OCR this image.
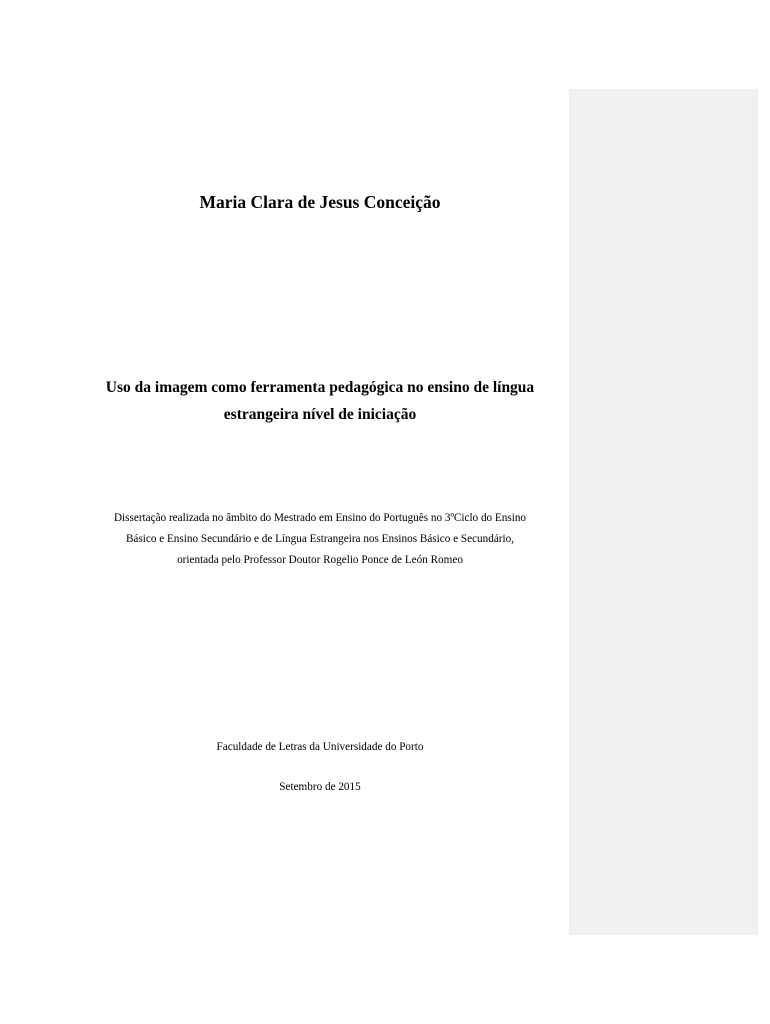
Maria Clara de Jesus Conceição
Uso da imagem como ferramenta pedagógica no ensino de língua
estrangeira nível de iniciação

Dissertação realizada no âmbito do Mestrado em Ensino do Português no 3ºCiclo do Ensino
Básico e Ensino Secundário e de Língua Estrangeira nos Ensinos Básico e Secundário,
orientada pelo Professor Doutor Rogelio Ponce de León Romeo

Faculdade de Letras da Universidade do Porto

Setembro de 2015
